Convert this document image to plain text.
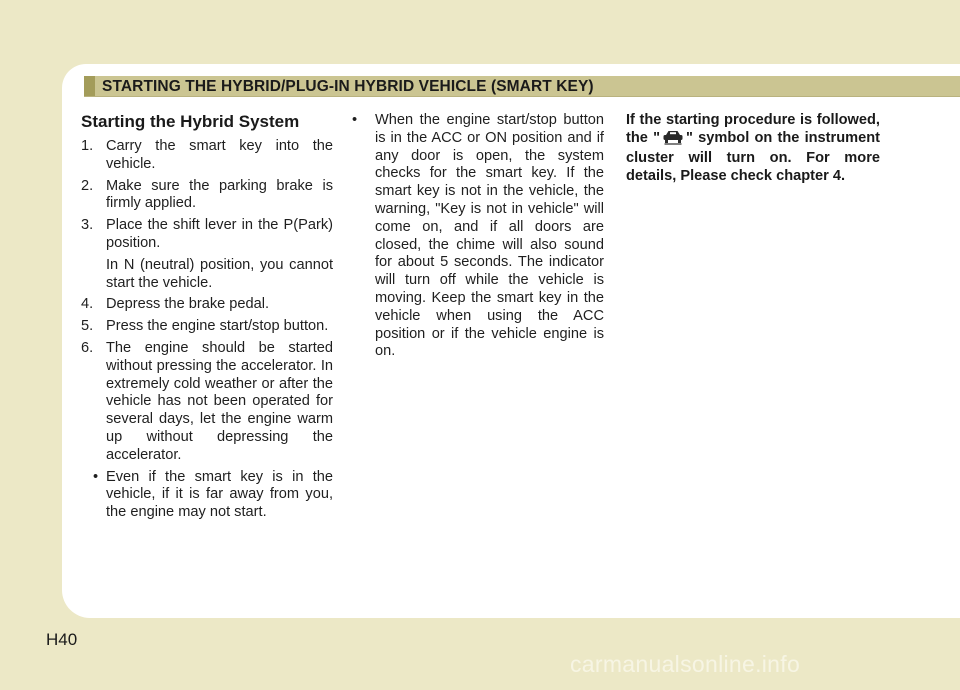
STARTING THE HYBRID/PLUG-IN HYBRID VEHICLE (SMART KEY)
Starting the Hybrid System
1. Carry the smart key into the vehicle.
2. Make sure the parking brake is firmly applied.
3. Place the shift lever in the P(Park) position.
In N (neutral) position, you cannot start the vehicle.
4. Depress the brake pedal.
5. Press the engine start/stop button.
6. The engine should be started without pressing the accelerator. In extremely cold weather or after the vehicle has not been operated for several days, let the engine warm up without depressing the accelerator.
• Even if the smart key is in the vehicle, if it is far away from you, the engine may not start.
• When the engine start/stop button is in the ACC or ON position and if any door is open, the system checks for the smart key. If the smart key is not in the vehicle, the warning, "Key is not in vehicle" will come on, and if all doors are closed, the chime will also sound for about 5 seconds. The indicator will turn off while the vehicle is moving. Keep the smart key in the vehicle when using the ACC position or if the vehicle engine is on.
If the starting procedure is followed, the " " symbol on the instrument cluster will turn on. For more details, Please check chapter 4.
H40
carmanualsonline.info
